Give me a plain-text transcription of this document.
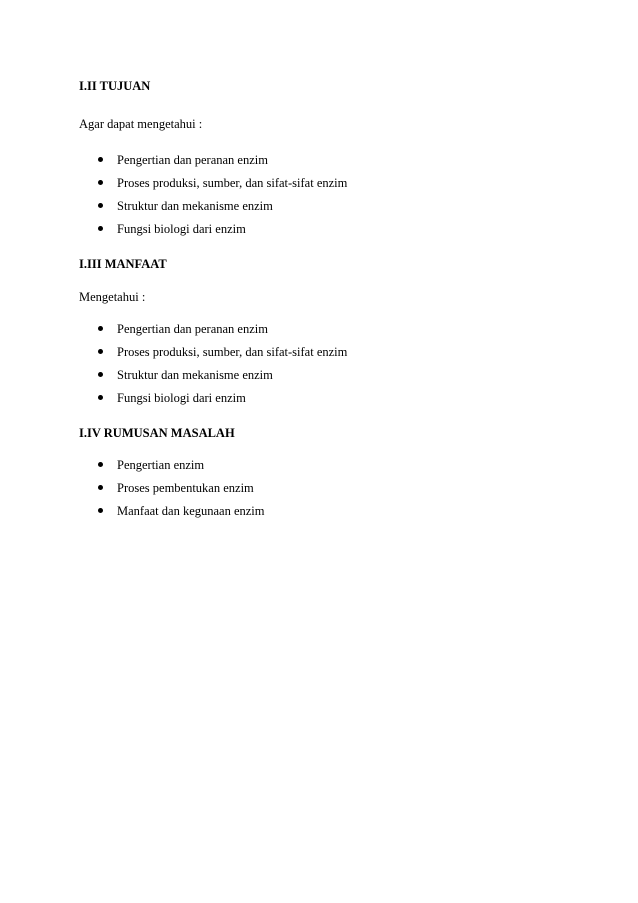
I.II TUJUAN

Agar dapat mengetahui :

Pengertian dan peranan enzim
Proses produksi, sumber, dan sifat-sifat enzim
Struktur dan mekanisme enzim
Fungsi biologi dari enzim

I.III MANFAAT

Mengetahui :

Pengertian dan peranan enzim
Proses produksi, sumber, dan sifat-sifat enzim
Struktur dan mekanisme enzim
Fungsi biologi dari enzim

I.IV RUMUSAN MASALAH

Pengertian enzim
Proses pembentukan enzim
Manfaat dan kegunaan enzim
